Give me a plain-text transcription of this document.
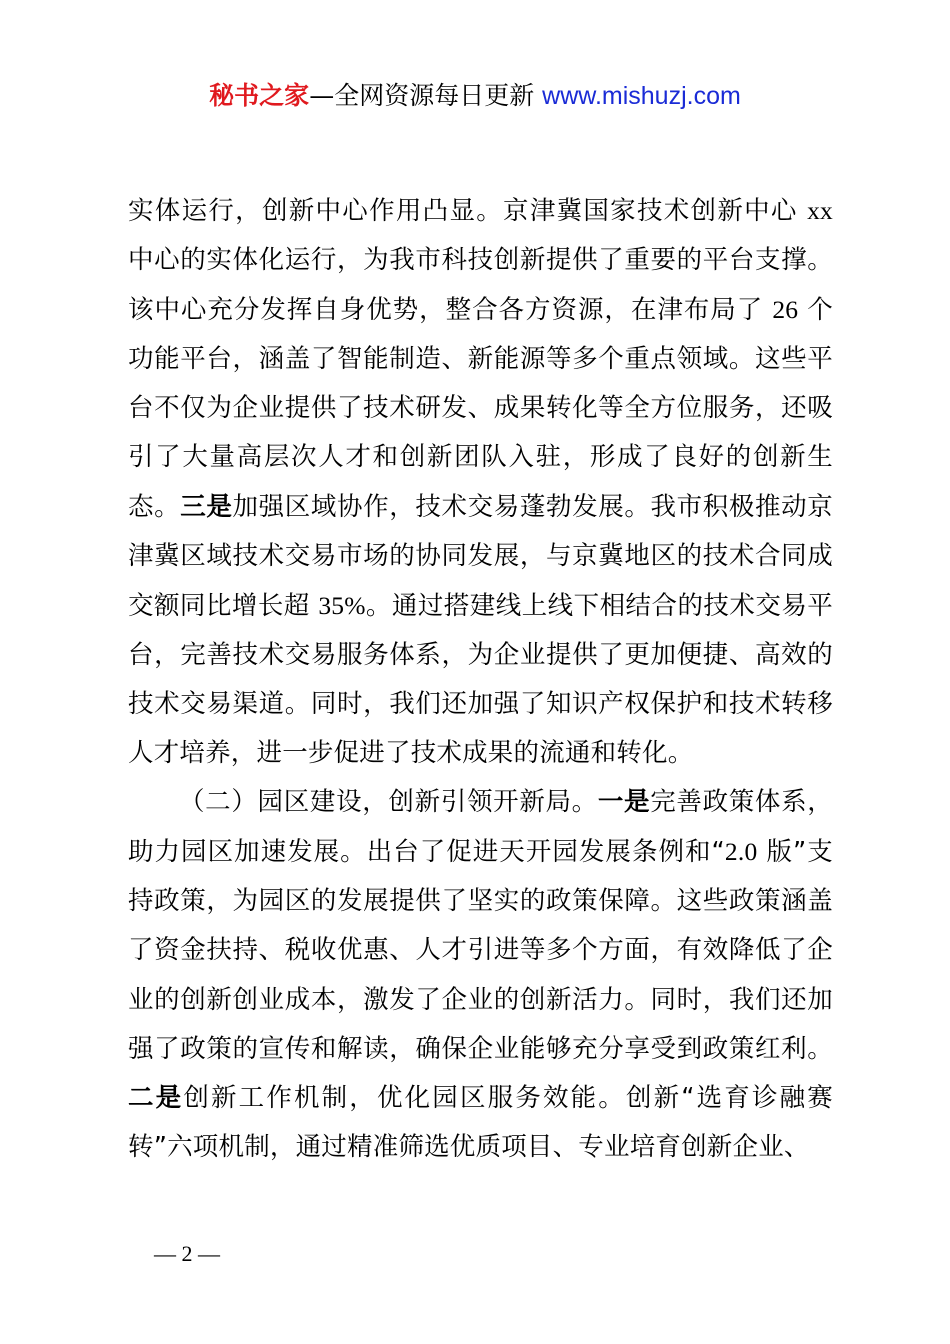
秘书之家—全网资源每日更新 www.mishuzj.com

实体运行，创新中心作用凸显。京津冀国家技术创新中心 xx 中心的实体化运行，为我市科技创新提供了重要的平台支撑。该中心充分发挥自身优势，整合各方资源，在津布局了 26 个功能平台，涵盖了智能制造、新能源等多个重点领域。这些平台不仅为企业提供了技术研发、成果转化等全方位服务，还吸引了大量高层次人才和创新团队入驻，形成了良好的创新生态。三是加强区域协作，技术交易蓬勃发展。我市积极推动京津冀区域技术交易市场的协同发展，与京冀地区的技术合同成交额同比增长超 35%。通过搭建线上线下相结合的技术交易平台，完善技术交易服务体系，为企业提供了更加便捷、高效的技术交易渠道。同时，我们还加强了知识产权保护和技术转移人才培养，进一步促进了技术成果的流通和转化。

（二）园区建设，创新引领开新局。一是完善政策体系，助力园区加速发展。出台了促进天开园发展条例和“2.0 版”支持政策，为园区的发展提供了坚实的政策保障。这些政策涵盖了资金扶持、税收优惠、人才引进等多个方面，有效降低了企业的创新创业成本，激发了企业的创新活力。同时，我们还加强了政策的宣传和解读，确保企业能够充分享受到政策红利。二是创新工作机制，优化园区服务效能。创新“选育诊融赛转”六项机制，通过精准筛选优质项目、专业培育创新企业、

— 2 —
